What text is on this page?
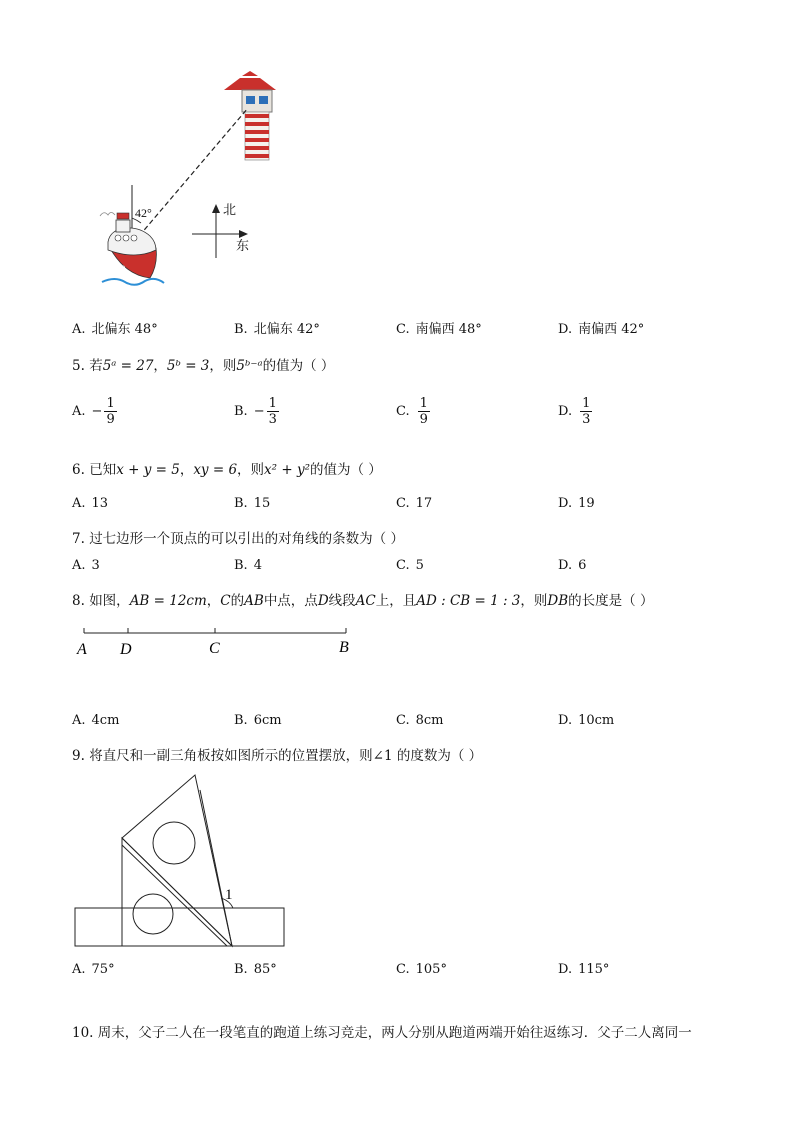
100
42°	北
东
A. 北偏东 48°	B. 北偏东 42°	C. 南偏西 48°	D. 南偏西 42°
5. 若5ᵃ = 27，5ᵇ = 3，则5ᵇ⁻ᵃ的值为（ ）
A. − $\frac{1}{9}$	B. − $\frac{1}{3}$	C. $\frac{1}{9}$	D. $\frac{1}{3}$
6. 已知x + y = 5，xy = 6，则x² + y²的值为（ ）
A. 13	B. 15	C. 17	D. 19
7. 过七边形一个顶点的可以引出的对角线的条数为（ ）
A. 3	B. 4	C. 5	D. 6
8. 如图，AB = 12cm，C的AB中点，点D线段AC上，且AD : CB = 1 : 3，则DB的长度是（ ）
A D	C	B
A. 4cm	B. 6cm	C. 8cm	D. 10cm
9. 将直尺和一副三角板按如图所示的位置摆放，则∠1 的度数为（ ）
1
A. 75°	B. 85°	C. 105°	D. 115°
10. 周末，父子二人在一段笔直的跑道上练习竞走，两人分别从跑道两端开始往返练习．父子二人离同一
